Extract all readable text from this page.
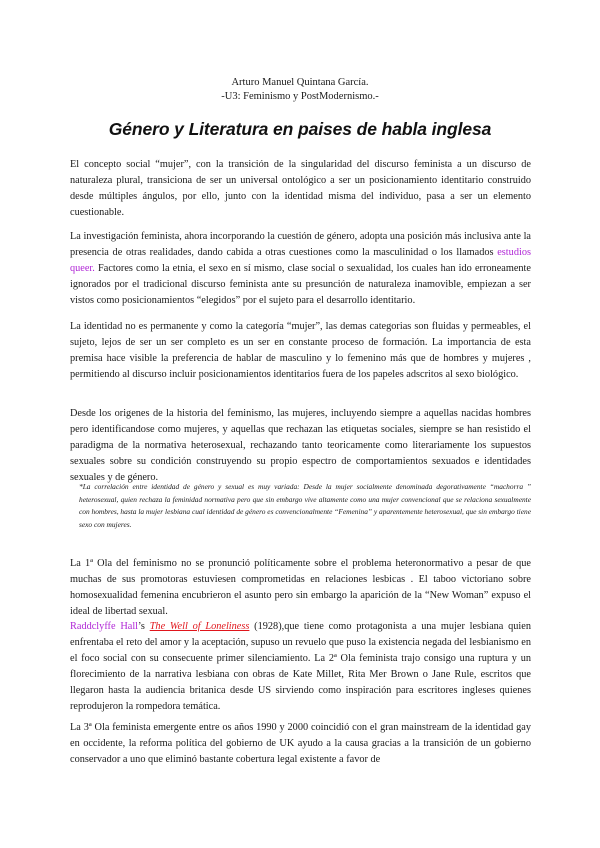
Arturo Manuel Quintana García.
-U3: Feminismo y PostModernismo.-
Género y Literatura en paises de habla inglesa
El concepto social “mujer”, con la transición de la singularidad del discurso feminista a un discurso de naturaleza plural, transiciona de ser un universal ontológico a ser un posicionamiento identitario construido desde múltiples ángulos, por ello, junto con la identidad misma del individuo, pasa a ser un elemento cuestionable.
La investigación feminista, ahora incorporando la cuestión de género, adopta una posición más inclusiva ante la presencia de otras realidades, dando cabida a otras cuestiones como la masculinidad o los llamados estudios queer. Factores como la etnia, el sexo en sí mismo, clase social o sexualidad, los cuales han ido erroneamente ignorados por el tradicional discurso feminista ante su presunción de naturaleza inamovible, empiezan a ser vistos como posicionamientos “elegidos” por el sujeto para el desarrollo identitario.
La identidad no es permanente y como la categoría “mujer”, las demas categorias son fluidas y permeables, el sujeto, lejos de ser un ser completo es un ser en constante proceso de formación. La importancia de esta premisa hace visible la preferencia de hablar de masculino y lo femenino más que de hombres y mujeres , permitiendo al discurso incluir posicionamientos identitarios fuera de los papeles adscritos al sexo biológico.
Desde los origenes de la historia del feminismo, las mujeres, incluyendo siempre a aquellas nacidas hombres pero identificandose como mujeres, y aquellas que rechazan las etiquetas sociales, siempre se han resistido el paradigma de la normativa heterosexual, rechazando tanto teoricamente como literariamente los supuestos sexuales sobre su condición construyendo su propio espectro de comportamientos sexuados e identidades sexuales y de género.
*La correlación entre identidad de género y sexual es muy variada: Desde la mujer socialmente denominada degorativamente “machorra ” heterosexual, quien rechaza la feminidad normativa pero que sin embargo vive altamente como una mujer convencional que se relaciona sexualmente con hombres, hasta la mujer lesbiana cual identidad de género es convencionalmente “Femenina” y aparentemente heterosexual, que sin embargo tiene sexo con mujeres.
La 1ª Ola del feminismo no se pronunció políticamente sobre el problema heteronormativo a pesar de que muchas de sus promotoras estuviesen comprometidas en relaciones lesbicas . El taboo victoriano sobre homosexualidad femenina encubrieron el asunto pero sin embargo la aparición de la “New Woman” expuso el ideal de libertad sexual.
Raddclyffe Hall’s The Well of Loneliness (1928),que tiene como protagonista a una mujer lesbiana quien enfrentaba el reto del amor y la aceptación, supuso un revuelo que puso la existencia negada del lesbianismo en el foco social con su consecuente primer silenciamiento. La 2ª Ola feminista trajo consigo una ruptura y un florecimiento de la narrativa lesbiana con obras de Kate Millet, Rita Mer Brown o Jane Rule, escritos que llegaron hasta la audiencia britanica desde US sirviendo como inspiración para escritores ingleses quienes reprodujeron la rompedora temática.
La 3ª Ola feminista emergente entre os años 1990 y 2000 coincidió con el gran mainstream de la identidad gay en occidente, la reforma política del gobierno de UK ayudo a la causa gracias a la transición de un gobierno conservador a uno que eliminó bastante cobertura legal existente a favor de
